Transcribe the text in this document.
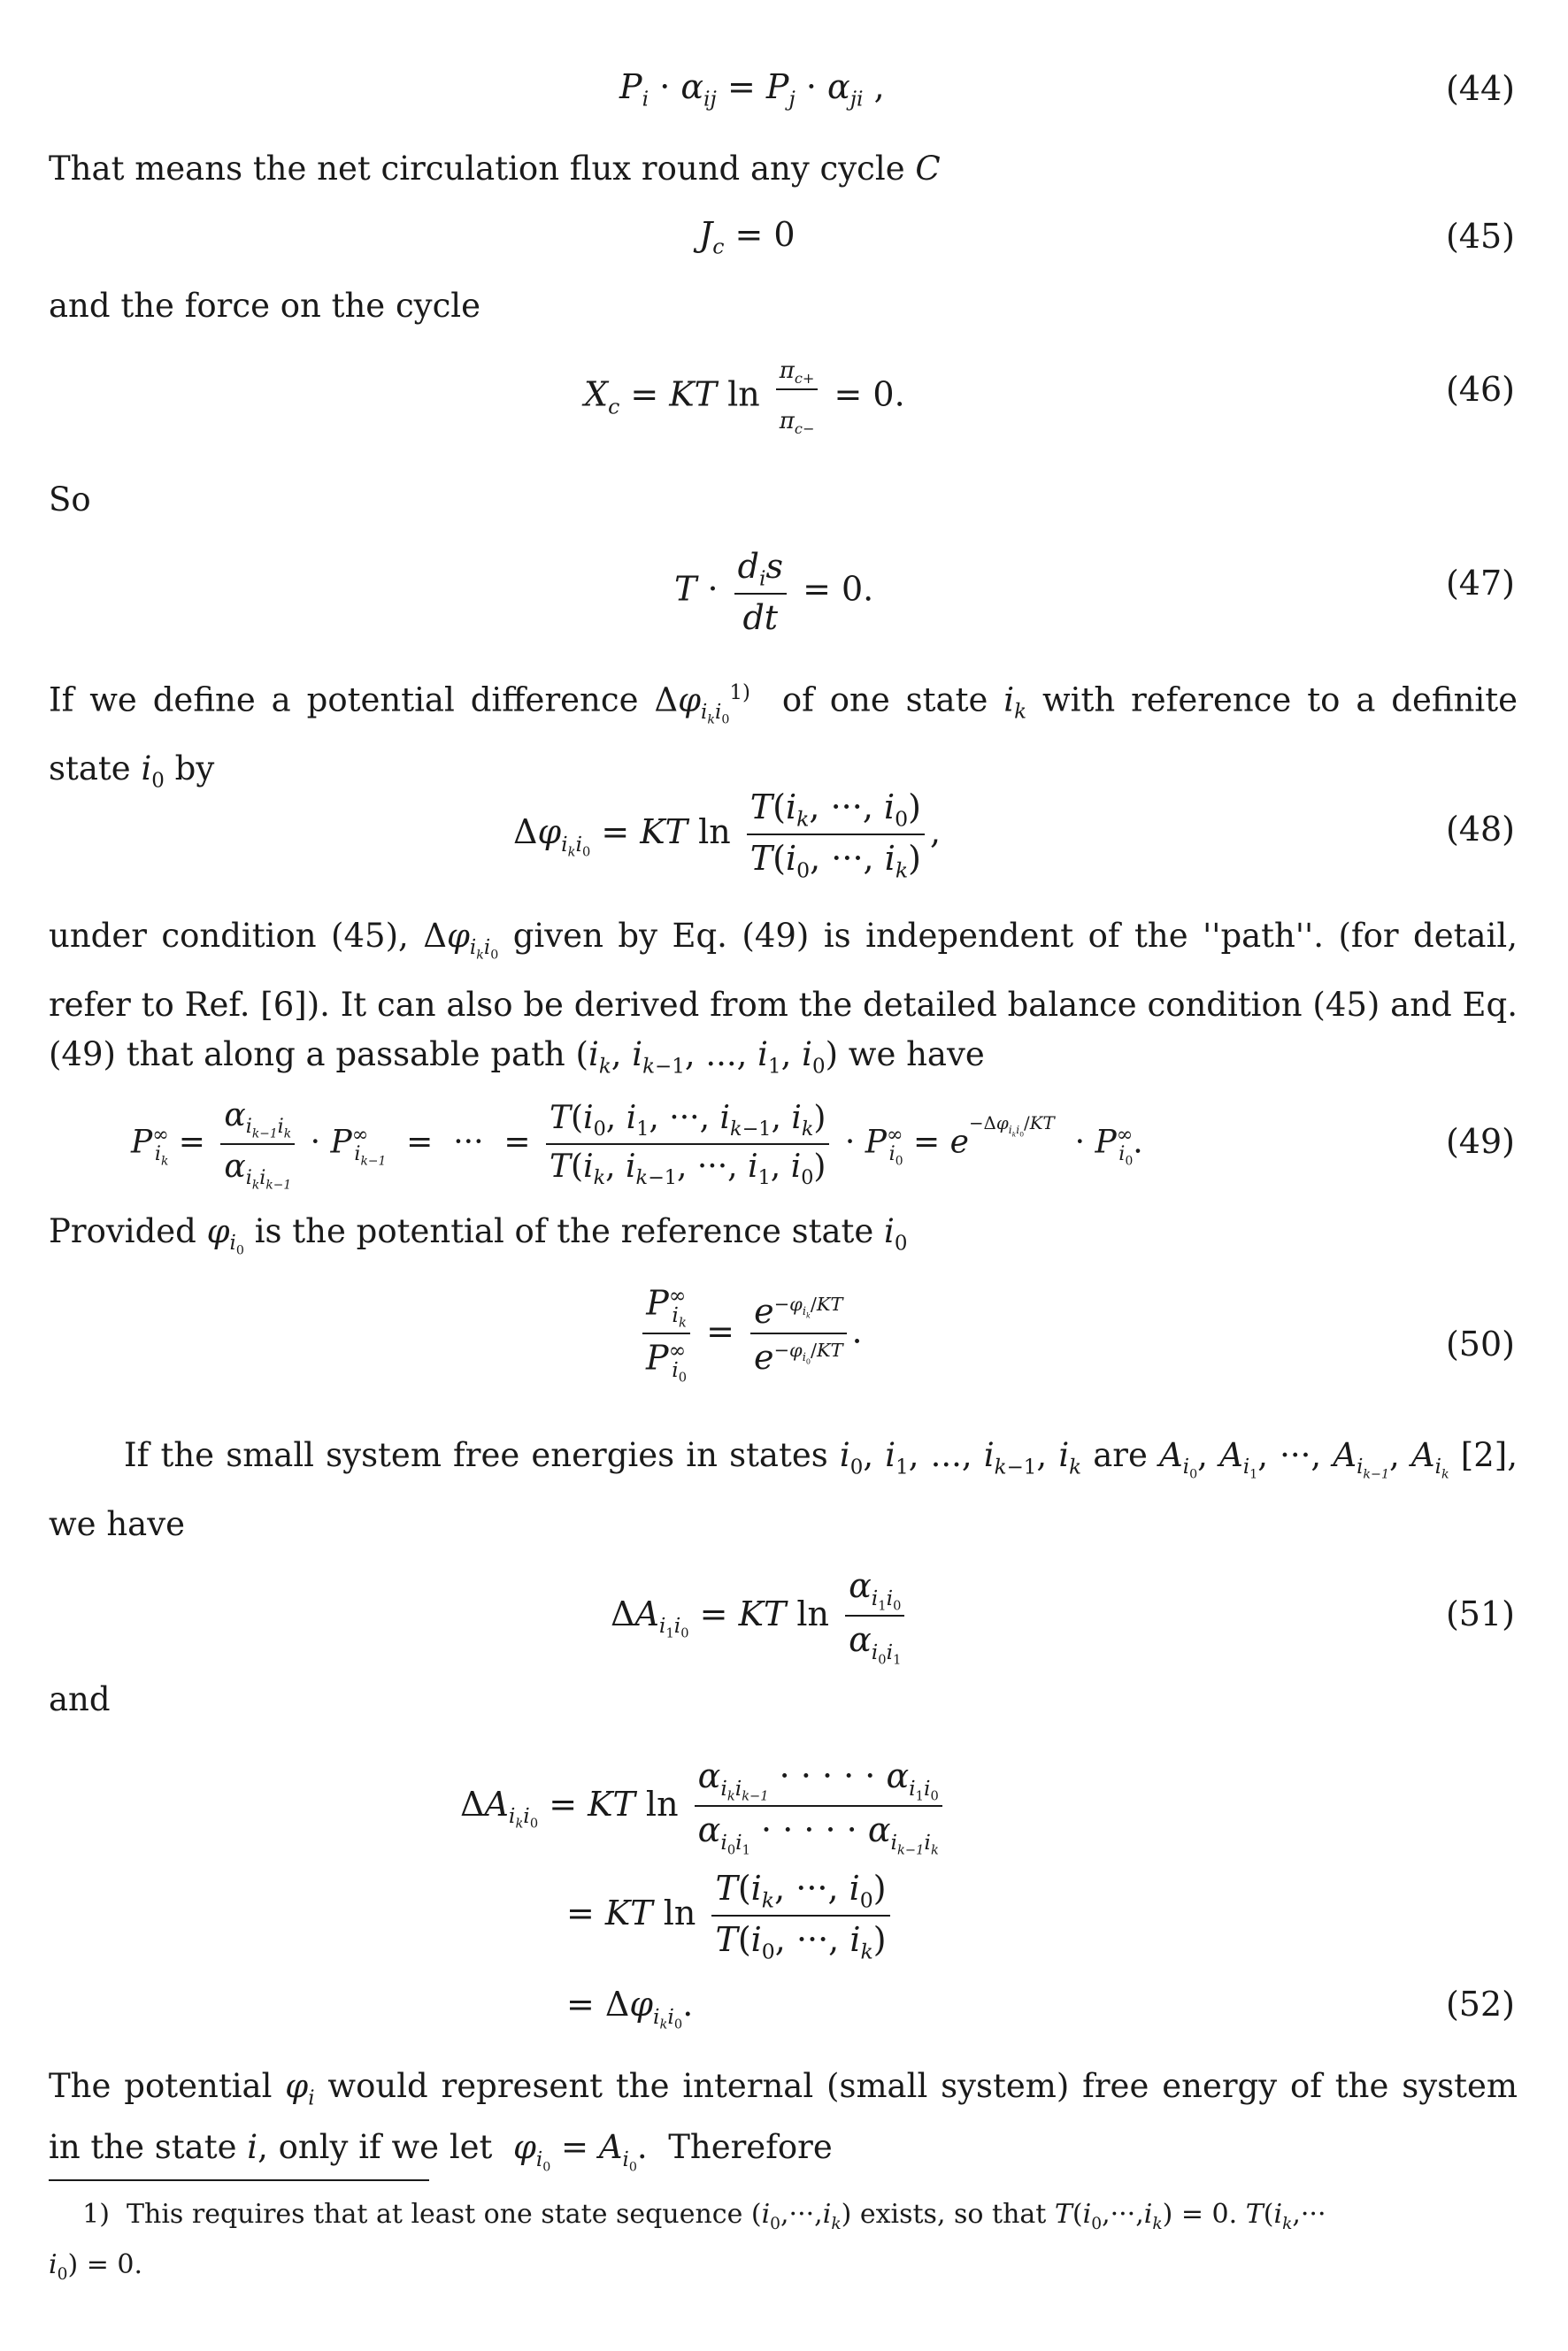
$P_i \cdot \alpha_{ij} = P_j \cdot \alpha_{ji}$ ,	(44)
That means the net circulation flux round any cycle C
$J_c = 0$	(45)
and the force on the cycle
$X_c$ = KT $\ln \frac{\pi_{c+}}{\pi_{c-}} = 0$.	(46)
So
$T \cdot \frac{d_is}{dt} = 0$.	(47)
If we define a potential difference $\Delta\varphi_{i_ki_0}^{1)}$  of one state $i_k$ with reference to a definite state $i_0$ by
$\Delta\varphi_{i_ki_0}$ = KT $\ln \frac{T(i_k, \cdot\cdot\cdot, i_0)}{T(i_0, \cdot\cdot\cdot, i_k)}$ ,	(48)
under condition (45), $\Delta\varphi_{i_ki_0}$ given by Eq. (49) is independent of the ''path''. (for detail, refer to Ref. [6]). It can also be derived from the detailed balance condition (45) and Eq. (49) that along a passable path ($i_k$, $i_{k-1}$, ..., $i_1$, $i_0$) we have
$P^\infty_{i_k} = \frac{\alpha_{i_{k-1}i_k}}{\alpha_{i_ki_{k-1}}} \cdot P^\infty_{i_{k-1}}$  =  ···  = $\frac{T(i_0, i_1, \cdot\cdot\cdot, i_{k-1}, i_k)}{T(i_k, i_{k-1}, \cdot\cdot\cdot, i_1, i_0)} \cdot P^\infty_{i_0} = e^{-\Delta\varphi_{i_ki_0}/KT} \cdot P^\infty_{i_0}$.	(49)
Provided $\varphi_{i_0}$ is the potential of the reference state $i_0$
$\frac{P^\infty_{i_k}}{P^\infty_{i_0}} = \frac{e^{-\varphi_{i_k}/KT}}{e^{-\varphi_{i_0}/KT}}$ .	(50)
If the small system free energies in states $i_0$, $i_1$, ..., $i_{k-1}$, $i_k$ are $A_{i_0}$, $A_{i_1}$, ···, $A_{i_{k-1}}$, $A_{i_k}$ [2], we have
$\Delta A_{i_1i_0}$ = KT $\ln \frac{\alpha_{i_1i_0}}{\alpha_{i_0i_1}}$	(51)
and
$\Delta A_{i_ki_0}$ = KT $\ln \frac{\alpha_{i_ki_{k-1}} \cdot \cdot \cdot \cdot \cdot \alpha_{i_1i_0}}{\alpha_{i_0i_1} \cdot \cdot \cdot \cdot \cdot \alpha_{i_{k-1}i_k}}$
= KT $\ln \frac{T(i_k, \cdot\cdot\cdot, i_0)}{T(i_0, \cdot\cdot\cdot, i_k)}$
= $\Delta\varphi_{i_ki_0}$.	(52)
The potential $\varphi_i$ would represent the internal (small system) free energy of the system in the state i, only if we let  $\varphi_{i_0} = A_{i_0}$.  Therefore
1)  This requires that at least one state sequence $(i_0,\cdot\cdot\cdot,i_k)$ exists, so that $T(i_0,\cdot\cdot\cdot,i_k) = 0$. $T(i_k,\cdot\cdot\cdot$
$i_0) = 0$.
